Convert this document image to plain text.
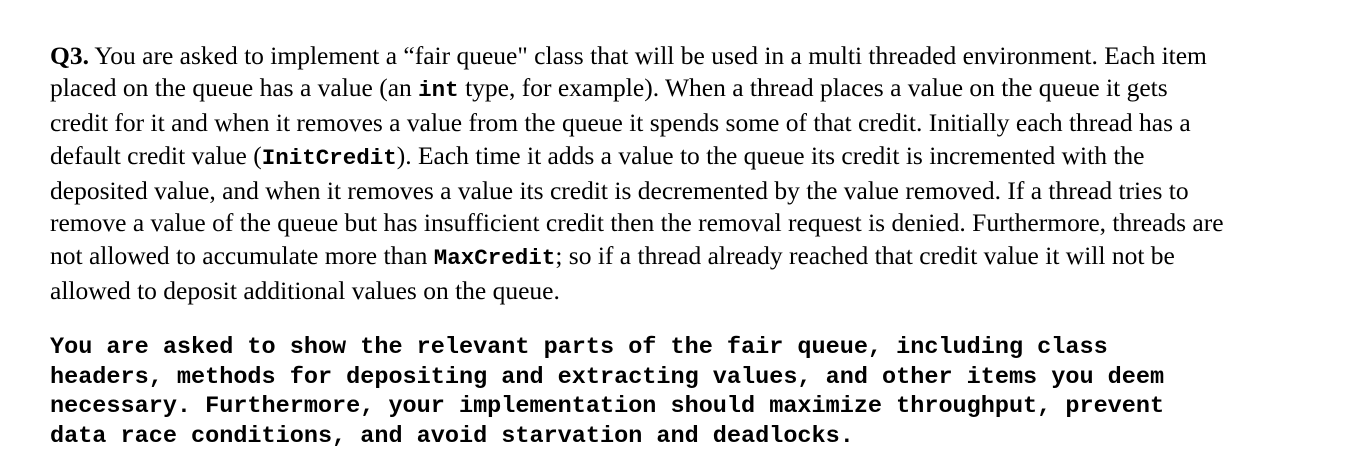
Q3. You are asked to implement a “fair queue" class that will be used in a multi threaded environment. Each item placed on the queue has a value (an int type, for example). When a thread places a value on the queue it gets credit for it and when it removes a value from the queue it spends some of that credit. Initially each thread has a default credit value (InitCredit). Each time it adds a value to the queue its credit is incremented with the deposited value, and when it removes a value its credit is decremented by the value removed. If a thread tries to remove a value of the queue but has insufficient credit then the removal request is denied. Furthermore, threads are not allowed to accumulate more than MaxCredit; so if a thread already reached that credit value it will not be allowed to deposit additional values on the queue.

You are asked to show the relevant parts of the fair queue, including class headers, methods for depositing and extracting values, and other items you deem necessary. Furthermore, your implementation should maximize throughput, prevent data race conditions, and avoid starvation and deadlocks.
